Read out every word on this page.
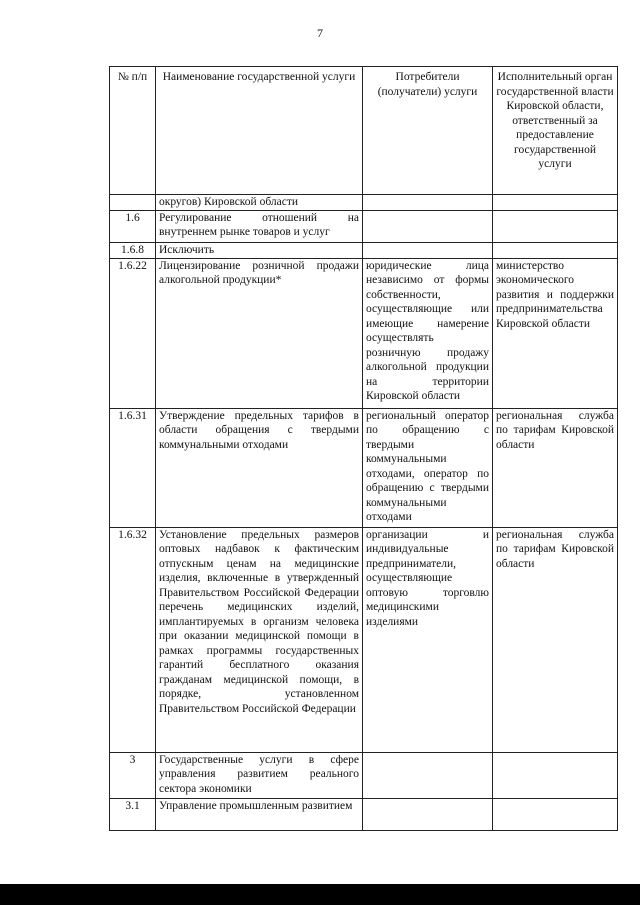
7
№ п/п	Наименование государственной услуги	Потребители (получатели) услуги	Исполнительный орган государственной власти Кировской области, ответственный за предоставление государственной услуги
	округов) Кировской области		
1.6	Регулирование отношений на внутреннем рынке товаров и услуг		
1.6.8	Исключить		
1.6.22	Лицензирование розничной продажи алкогольной продукции*	юридические лица независимо от формы собственности, осуществляющие или имеющие намерение осуществлять розничную продажу алкогольной продукции на территории Кировской области	министерство экономического развития и поддержки предпринимательства Кировской области
1.6.31	Утверждение предельных тарифов в области обращения с твердыми коммунальными отходами	региональный оператор по обращению с твердыми коммунальными отходами, оператор по обращению с твердыми коммунальными отходами	региональная служба по тарифам Кировской области
1.6.32	Установление предельных размеров оптовых надбавок к фактическим отпускным ценам на медицинские изделия, включенные в утвержденный Правительством Российской Федерации перечень медицинских изделий, имплантируемых в организм человека при оказании медицинской помощи в рамках программы государственных гарантий бесплатного оказания гражданам медицинской помощи, в порядке, установленном Правительством Российской Федерации	организации и индивидуальные предприниматели, осуществляющие оптовую торговлю медицинскими изделиями	региональная служба по тарифам Кировской области
3	Государственные услуги в сфере управления развитием реального сектора экономики		
3.1	Управление промышленным развитием		
